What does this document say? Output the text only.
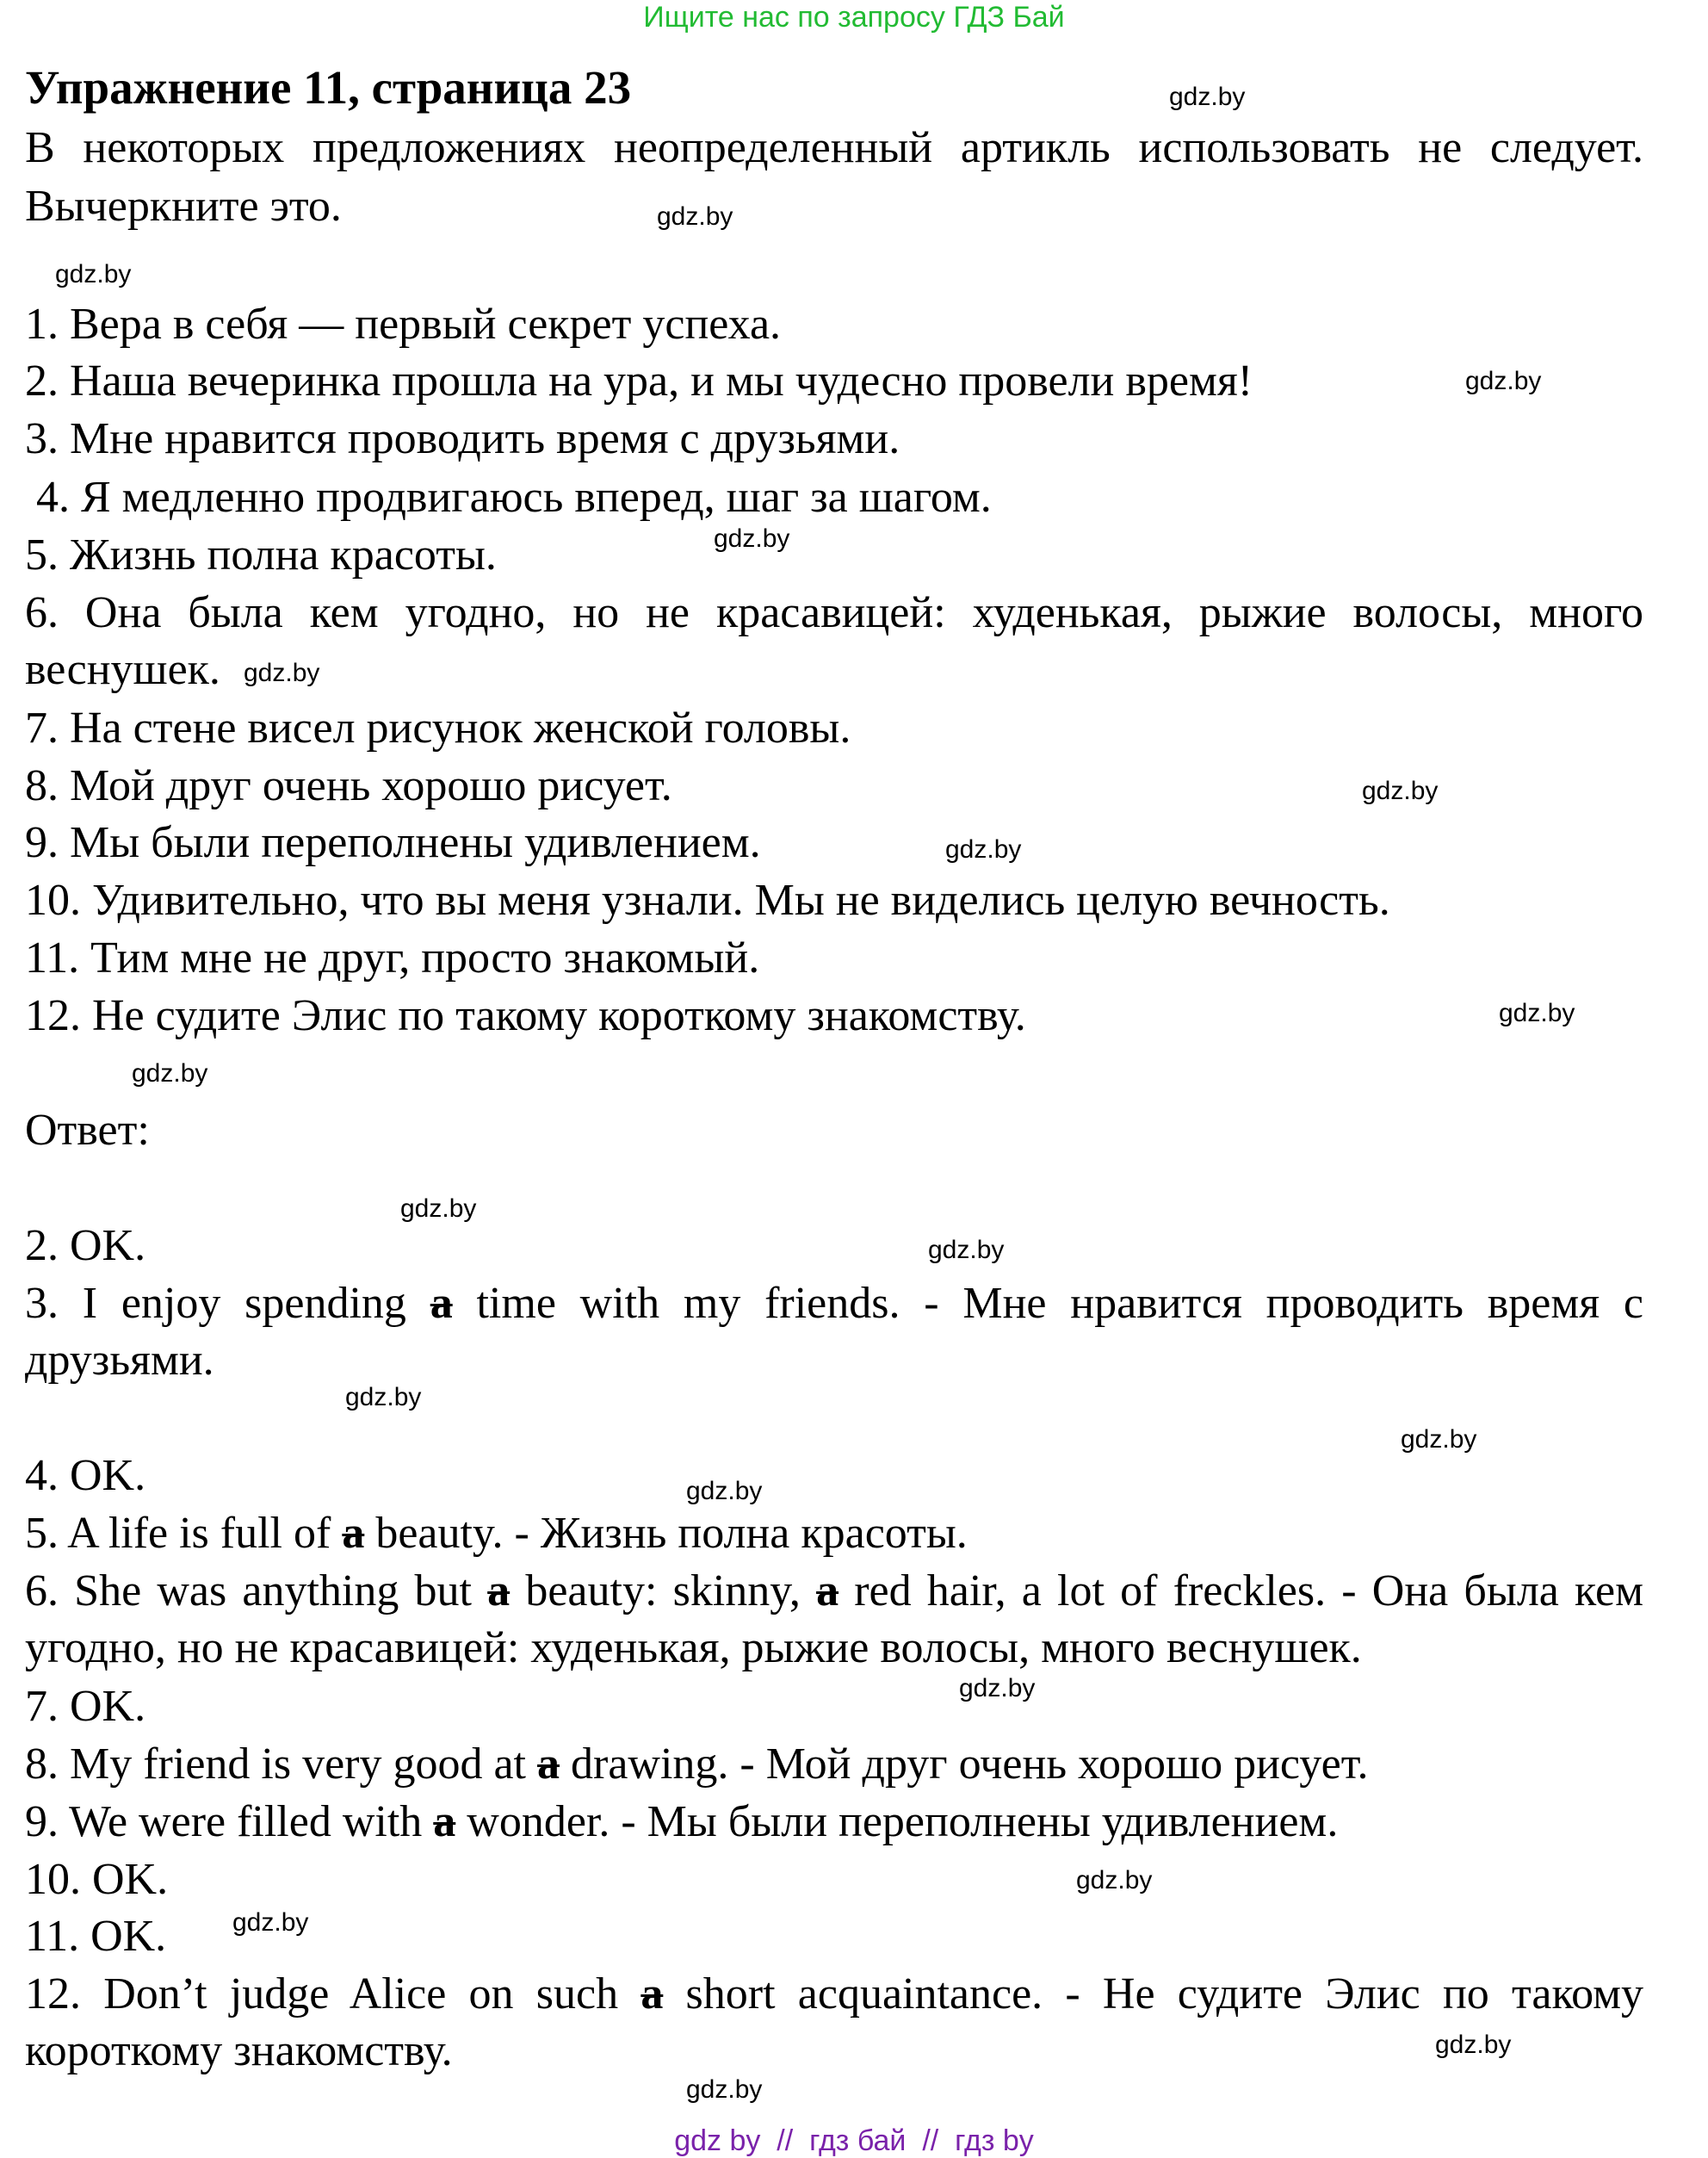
Ищите нас по запросу ГДЗ Бай
Упражнение 11, страница 23

В некоторых предложениях неопределенный артикль использовать не следует. Вычеркните это.

1. Вера в себя — первый секрет успеха.
2. Наша вечеринка прошла на ура, и мы чудесно провели время!
3. Мне нравится проводить время с друзьями.
4. Я медленно продвигаюсь вперед, шаг за шагом.
5. Жизнь полна красоты.
6. Она была кем угодно, но не красавицей: худенькая, рыжие волосы, много веснушек.
7. На стене висел рисунок женской головы.
8. Мой друг очень хорошо рисует.
9. Мы были переполнены удивлением.
10. Удивительно, что вы меня узнали. Мы не виделись целую вечность.
11. Тим мне не друг, просто знакомый.
12. Не судите Элис по такому короткому знакомству.
Ответ:
2. OK.
3. I enjoy spending a time with my friends. - Мне нравится проводить время с друзьями.
4. OK.
5. A life is full of a beauty. - Жизнь полна красоты.
6. She was anything but a beauty: skinny, a red hair, a lot of freckles. - Она была кем угодно, но не красавицей: худенькая, рыжие волосы, много веснушек.
7. OK.
8. My friend is very good at a drawing. - Мой друг очень хорошо рисует.
9. We were filled with a wonder. - Мы были переполнены удивлением.
10. OK.
11. OK.
12. Don’t judge Alice on such a short acquaintance. - Не судите Элис по такому короткому знакомству.
gdz.by
gdz.by
gdz.by
gdz.by
gdz.by
gdz.by
gdz.by
gdz.by
gdz.by
gdz.by
gdz.by
gdz.by
gdz.by
gdz.by
gdz.by
gdz.by
gdz.by
gdz.by
gdz.by
gdz.by
gdz by  //  гдз бай  //  гдз by
